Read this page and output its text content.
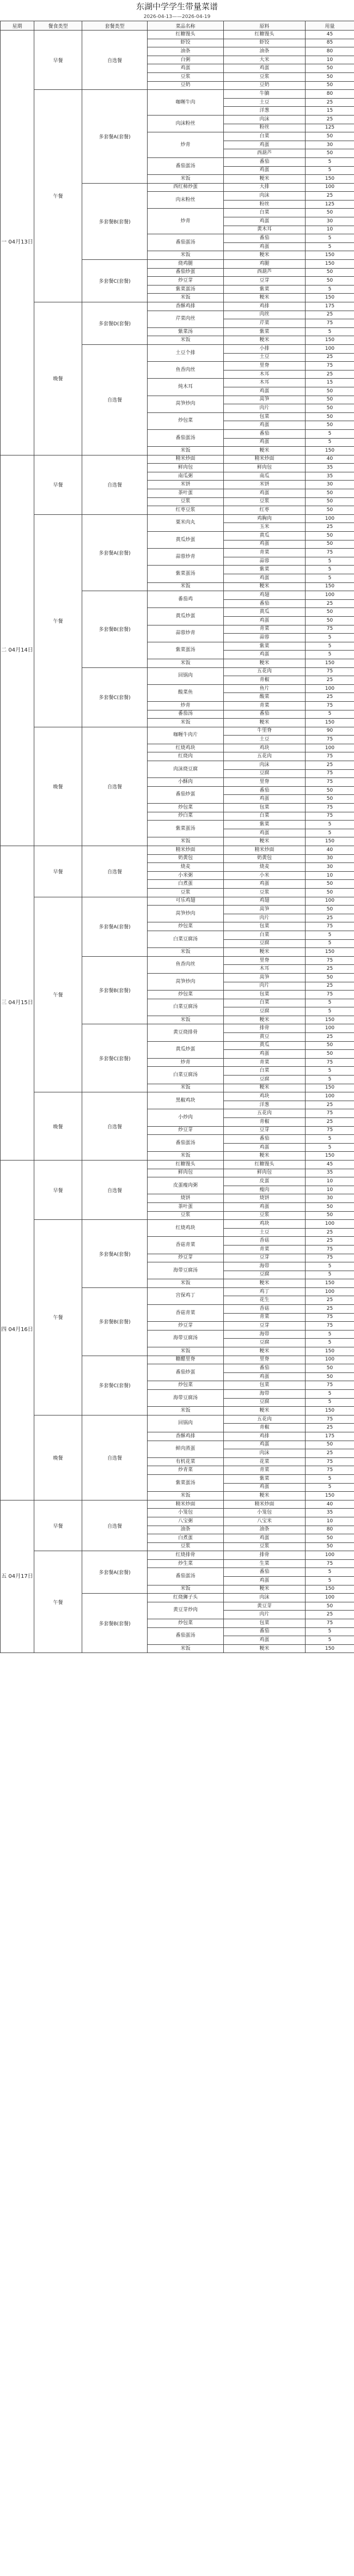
东湖中学学生带量菜谱
2026-04-13——2026-04-19
星期	餐食类型	套餐类型	菜品名称	原料	用量
一 04月13日	早餐	自选餐	红糖馒头	红糖馒头	45
			虾饺	虾饺	85
			油条	油条	80
			白粥	大米	10
			鸡蛋	鸡蛋	50
			豆浆	豆浆	50
			豆奶	豆奶	50
	午餐	多套餐A(套餐)	咖喱牛肉	牛腩	80
				土豆	25
				洋葱	15
			肉沫粉丝	肉沫	25
				粉丝	125
			炒青	白菜	50
				鸡蛋	30
				西葫芦	50
			番茄蛋汤	番茄	5
				鸡蛋	5
			米饭	粳米	150
		多套餐B(套餐)	西红柿炒蛋	大排	100
			肉末粉丝	肉沫	25
				粉丝	125
			炒青	白菜	50
				鸡蛋	30
				黄木耳	10
			番茄蛋汤	番茄	5
				鸡蛋	5
			米饭	粳米	150
		多套餐C(套餐)	烧鸡腿	鸡腿	150
			番茄炒蛋	西葫芦	50
			炒豆芽	豆芽	50
			紫菜蛋汤	紫菜	5
			米饭	粳米	150
	晚餐	多套餐D(套餐)	香酥鸡排	鸡排	175
			芹菜肉丝	肉丝	25
				芹菜	75
			紫菜汤	紫菜	5
			米饭	粳米	150
		自选餐	土豆个排	小排	100
				土豆	25
			鱼香肉丝	里脊	75
				木耳	25
			炖木耳	木耳	15
				鸡蛋	50
			莴笋炒肉	莴笋	50
				肉片	50
			炒包菜	包菜	50
				鸡蛋	50
			番茄蛋汤	番茄	5
				鸡蛋	5
			米饭	粳米	150
二 04月14日	早餐	自选餐	精米炒面	精米炒面	40
			鲜肉包	鲜肉包	35
			南瓜粥	南瓜	35
			米饼	米饼	30
			茶叶蛋	鸡蛋	50
			豆浆	豆浆	50
			红枣豆浆	红枣	50
	午餐	多套餐A(套餐)	粟米肉丸	鸡胸肉	100
				玉米	25
			黄瓜炒蛋	黄瓜	50
				鸡蛋	50
			蒜蓉炒青	青菜	75
				蒜蓉	5
			紫菜蛋汤	紫菜	5
				鸡蛋	5
			米饭	粳米	150
		多套餐B(套餐)	番茄鸡	鸡翅	100
				番茄	25
			黄瓜炒蛋	黄瓜	50
				鸡蛋	50
			蒜蓉炒青	青菜	75
				蒜蓉	5
			紫菜蛋汤	紫菜	5
				鸡蛋	5
			米饭	粳米	150
		多套餐C(套餐)	回锅肉	五花肉	75
				青椒	25
			酸菜鱼	鱼片	100
				酸菜	25
			炒青	青菜	75
			番茄汤	番茄	5
			米饭	粳米	150
	晚餐	自选餐	咖喱牛肉片	牛里脊	90
				土豆	75
			红烧鸡块	鸡块	100
			红烧肉	五花肉	75
			肉沫烧豆腐	肉沫	25
				豆腐	75
			小酥肉	里脊	75
			番茄炒蛋	番茄	50
				鸡蛋	50
			炒包菜	包菜	75
			炒白菜	白菜	75
			紫菜蛋汤	紫菜	5
				鸡蛋	5
			米饭	粳米	150
三 04月15日	早餐	自选餐	精米炒面	精米炒面	40
			奶黄包	奶黄包	30
			烧麦	烧麦	30
			小米粥	小米	10
			白煮蛋	鸡蛋	50
			豆浆	豆浆	50
	午餐	多套餐A(套餐)	可乐鸡翅	鸡翅	100
			莴笋炒肉	莴笋	50
				肉片	25
			炒包菜	包菜	75
			白菜豆腐汤	白菜	5
				豆腐	5
			米饭	粳米	150
		多套餐B(套餐)	鱼香肉丝	里脊	75
				木耳	25
			莴笋炒肉	莴笋	50
				肉片	25
			炒包菜	包菜	75
			白菜豆腐汤	白菜	5
				豆腐	5
			米饭	粳米	150
		多套餐C(套餐)	黄豆烧排骨	排骨	100
				黄豆	25
			黄瓜炒蛋	黄瓜	50
				鸡蛋	50
			炒青	青菜	75
			白菜豆腐汤	白菜	5
				豆腐	5
			米饭	粳米	150
	晚餐	自选餐	黑椒鸡块	鸡块	100
				洋葱	25
			小炒肉	五花肉	75
				青椒	25
			炒豆芽	豆芽	75
			番茄蛋汤	番茄	5
				鸡蛋	5
			米饭	粳米	150
四 04月16日	早餐	自选餐	红糖馒头	红糖馒头	45
			鲜肉包	鲜肉包	35
			皮蛋瘦肉粥	皮蛋	10
				瘦肉	10
			烧饼	烧饼	30
			茶叶蛋	鸡蛋	50
			豆浆	豆浆	50
	午餐	多套餐A(套餐)	红烧鸡块	鸡块	100
				土豆	25
			香菇青菜	香菇	25
				青菜	75
			炒豆芽	豆芽	75
			海带豆腐汤	海带	5
				豆腐	5
			米饭	粳米	150
		多套餐B(套餐)	宫保鸡丁	鸡丁	100
				花生	25
			香菇青菜	香菇	25
				青菜	75
			炒豆芽	豆芽	75
			海带豆腐汤	海带	5
				豆腐	5
			米饭	粳米	150
		多套餐C(套餐)	糖醋里脊	里脊	100
			番茄炒蛋	番茄	50
				鸡蛋	50
			炒包菜	包菜	75
			海带豆腐汤	海带	5
				豆腐	5
			米饭	粳米	150
	晚餐	自选餐	回锅肉	五花肉	75
				青椒	25
			香酥鸡排	鸡排	175
			鲜肉蒸蛋	鸡蛋	50
				肉沫	25
			有机花菜	花菜	75
			炒青菜	青菜	75
			紫菜蛋汤	紫菜	5
				鸡蛋	5
			米饭	粳米	150
五 04月17日	早餐	自选餐	精米炒面	精米炒面	40
			小笼包	小笼包	35
			八宝粥	八宝米	10
			油条	油条	80
			白煮蛋	鸡蛋	50
			豆浆	豆浆	50
	午餐	多套餐A(套餐)	红烧排骨	排骨	100
			炒生菜	生菜	75
			番茄蛋汤	番茄	5
				鸡蛋	5
			米饭	粳米	150
		多套餐B(套餐)	红烧狮子头	肉沫	100
			黄豆芽炒肉	黄豆芽	50
				肉片	25
			炒包菜	包菜	75
			番茄蛋汤	番茄	5
				鸡蛋	5
			米饭	粳米	150
